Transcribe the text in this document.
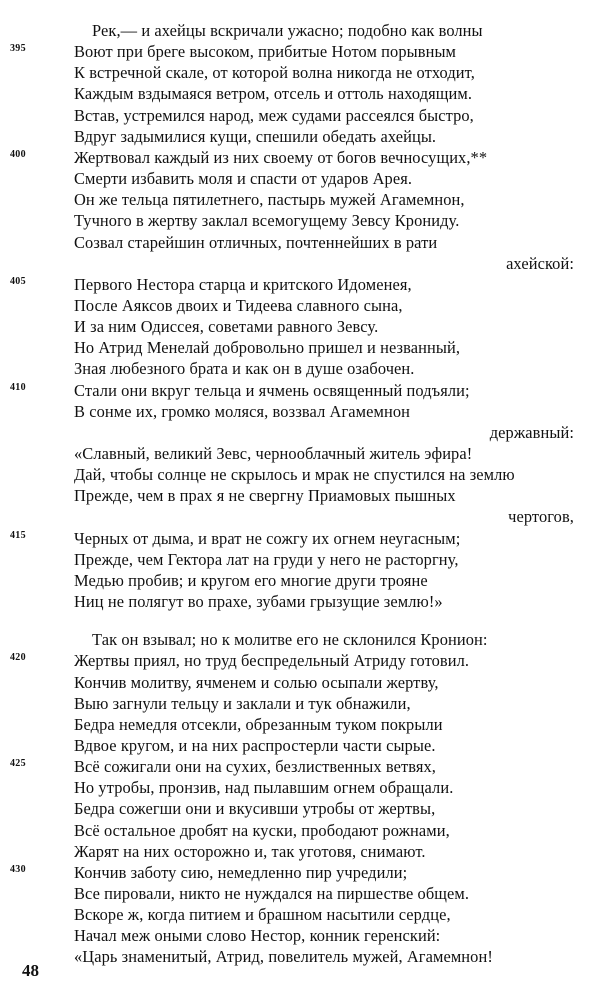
Рек,— и ахейцы вскричали ужасно; подобно как волны
395	Воют при бреге высоком, прибитые Нотом порывным
К встречной скале, от которой волна никогда не отходит,
Каждым вздымаяся ветром, отсель и оттоль находящим.
Встав, устремился народ, меж судами рассеялся быстро,
Вдруг задымилися кущи, спешили обедать ахейцы.
400	Жертвовал каждый из них своему от богов вечносущих,**
Смерти избавить моля и спасти от ударов Арея.
Он же тельца пятилетнего, пастырь мужей Агамемнон,
Тучного в жертву заклал всемогущему Зевсу Крониду.
Созвал старейшин отличных, почтеннейших в рати
ахейской:
405	Первого Нестора старца и критского Идоменея,
После Аяксов двоих и Тидеева славного сына,
И за ним Одиссея, советами равного Зевсу.
Но Атрид Менелай добровольно пришел и незванный,
Зная любезного брата и как он в душе озабочен.
410	Стали они вкруг тельца и ячмень освященный подъяли;
В сонме их, громко моляся, воззвал Агамемнон
державный:
«Славный, великий Зевс, чернооблачный житель эфира!
Дай, чтобы солнце не скрылось и мрак не спустился на землю
Прежде, чем в прах я не свергну Приамовых пышных
чертогов,
415	Черных от дыма, и врат не сожгу их огнем неугасным;
Прежде, чем Гектора лат на груди у него не расторгну,
Медью пробив; и кругом его многие други трояне
Ниц не полягут во прахе, зубами грызущие землю!»
Так он взывал; но к молитве его не склонился Кронион:
420	Жертвы приял, но труд беспредельный Атриду готовил.
Кончив молитву, ячменем и солью осыпали жертву,
Выю загнули тельцу и заклали и тук обнажили,
Бедра немедля отсекли, обрезанным туком покрыли
Вдвое кругом, и на них распростерли части сырые.
425	Всё сожигали они на сухих, безлиственных ветвях,
Но утробы, пронзив, над пылавшим огнем обращали.
Бедра сожегши они и вкусивши утробы от жертвы,
Всё остальное дробят на куски, прободают рожнами,
Жарят на них осторожно и, так уготовя, снимают.
430	Кончив заботу сию, немедленно пир учредили;
Все пировали, никто не нуждался на пиршестве общем.
Вскоре ж, когда питием и брашном насытили сердце,
Начал меж оными слово Нестор, конник геренский:
«Царь знаменитый, Атрид, повелитель мужей, Агамемнон!
48
